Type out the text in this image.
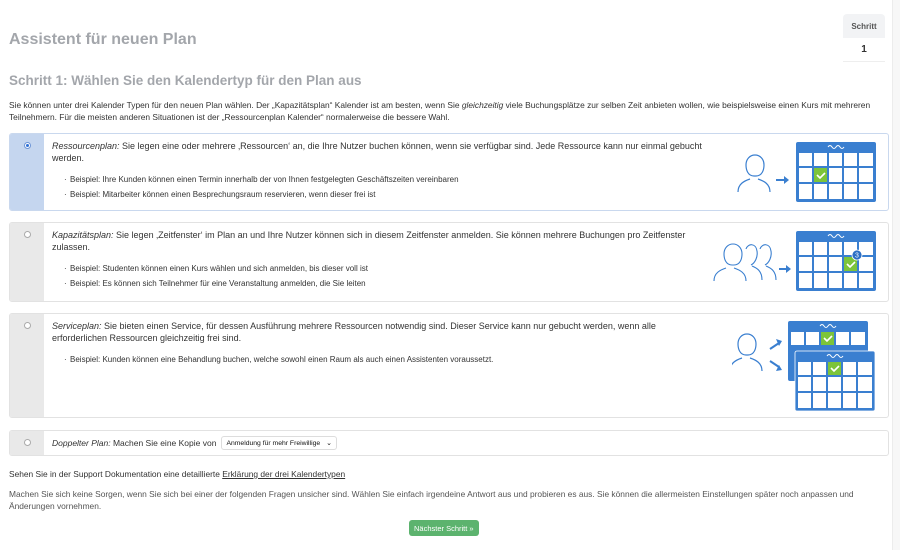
Assistent für neuen Plan
Schritt
1
Schritt 1: Wählen Sie den Kalendertyp für den Plan aus

Sie können unter drei Kalender Typen für den neuen Plan wählen. Der „Kapazitätsplan“ Kalender ist am besten, wenn Sie gleichzeitig viele Buchungsplätze zur selben Zeit anbieten wollen, wie beispielsweise einen Kurs mit mehreren Teilnehmern. Für die meisten anderen Situationen ist der „Ressourcenplan Kalender“ normalerweise die bessere Wahl.

Ressourcenplan: Sie legen eine oder mehrere ‚Ressourcen‘ an, die Ihre Nutzer buchen können, wenn sie verfügbar sind. Jede Ressource kann nur einmal gebucht werden.

· Beispiel: Ihre Kunden können einen Termin innerhalb der von Ihnen festgelegten Geschäftszeiten vereinbaren
· Beispiel: Mitarbeiter können einen Besprechungsraum reservieren, wenn dieser frei ist

Kapazitätsplan: Sie legen ‚Zeitfenster‘ im Plan an und Ihre Nutzer können sich in diesem Zeitfenster anmelden. Sie können mehrere Buchungen pro Zeitfenster zulassen.

· Beispiel: Studenten können einen Kurs wählen und sich anmelden, bis dieser voll ist
· Beispiel: Es können sich Teilnehmer für eine Veranstaltung anmelden, die Sie leiten
3

Serviceplan: Sie bieten einen Service, für dessen Ausführung mehrere Ressourcen notwendig sind. Dieser Service kann nur gebucht werden, wenn alle erforderlichen Ressourcen gleichzeitig frei sind.

· Beispiel: Kunden können eine Behandlung buchen, welche sowohl einen Raum als auch einen Assistenten voraussetzt.
Doppelter Plan: Machen Sie eine Kopie von Anmeldung für mehr Freiwillige ⌄

Sehen Sie in der Support Dokumentation eine detaillierte Erklärung der drei Kalendertypen

Machen Sie sich keine Sorgen, wenn Sie sich bei einer der folgenden Fragen unsicher sind. Wählen Sie einfach irgendeine Antwort aus und probieren es aus. Sie können die allermeisten Einstellungen später noch anpassen und Änderungen vornehmen.

Nächster Schritt »
